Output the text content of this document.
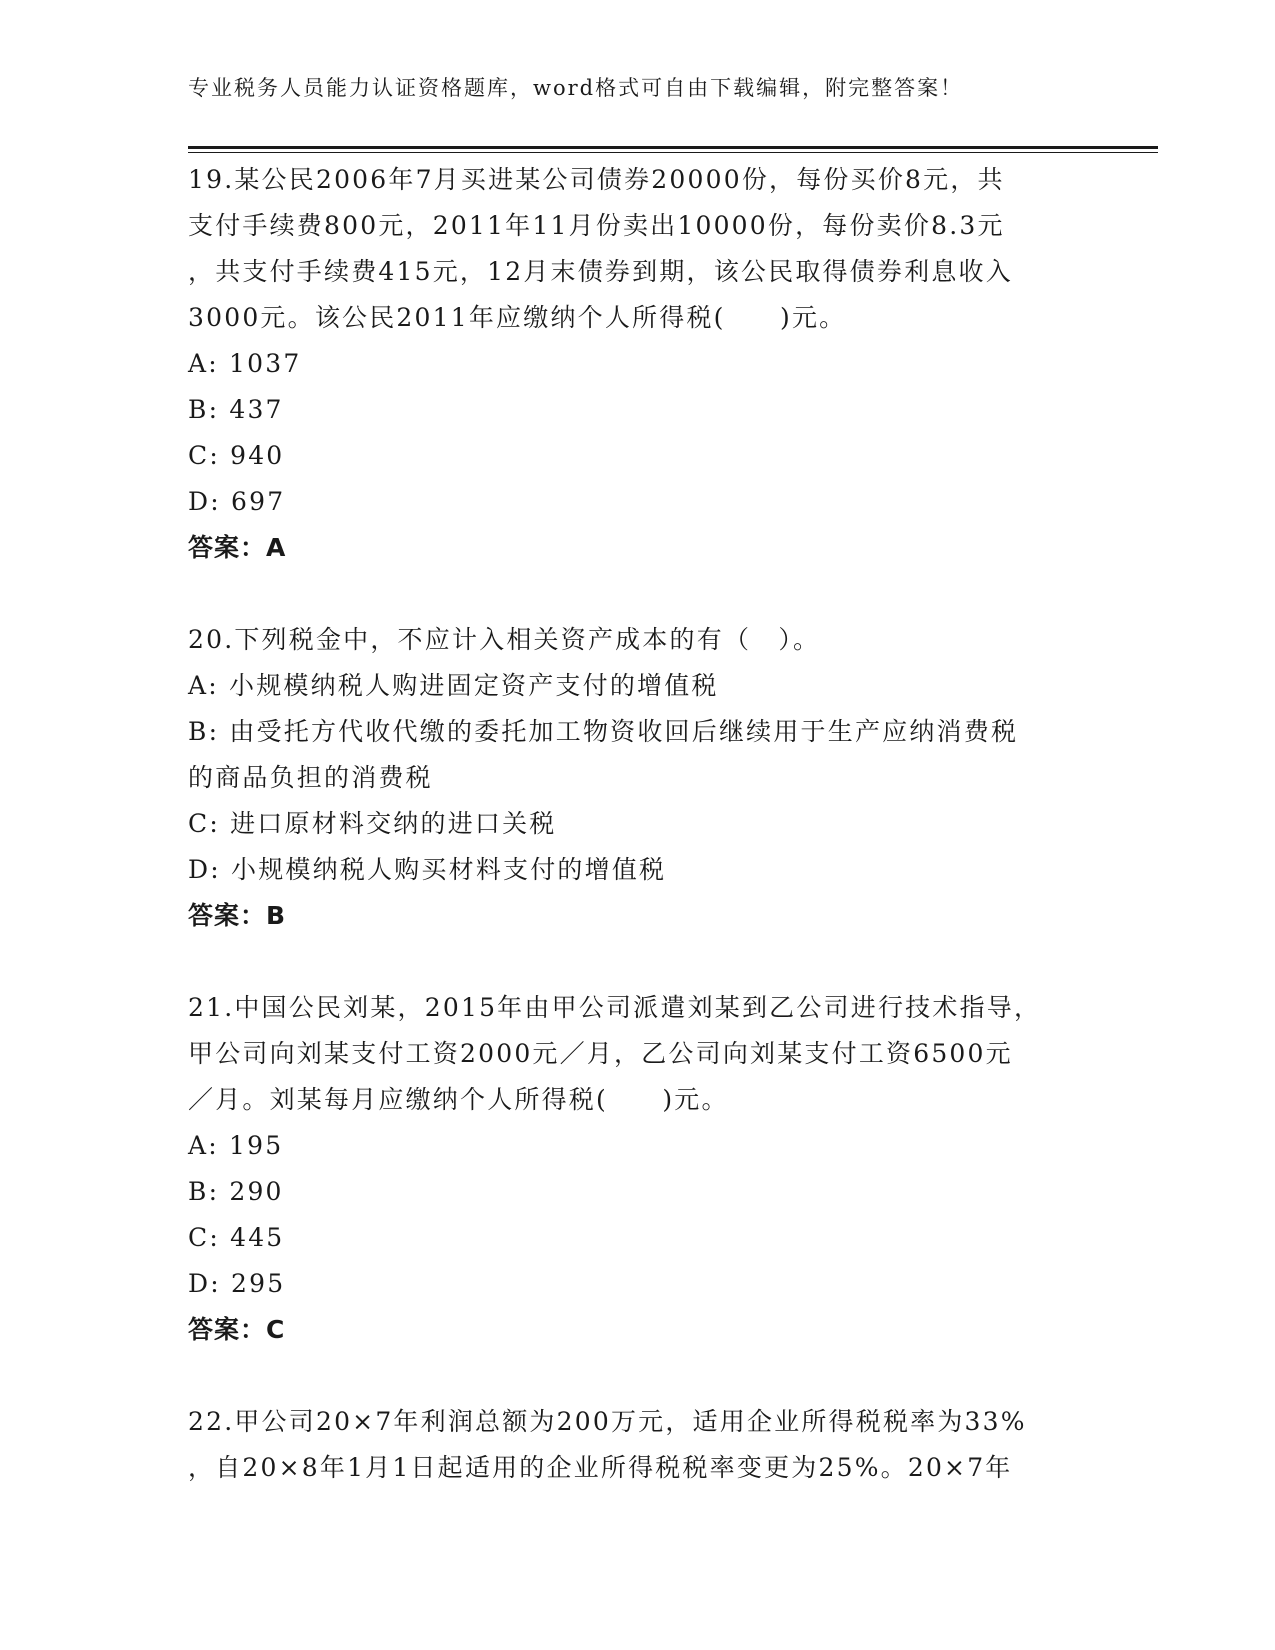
专业税务人员能力认证资格题库，word格式可自由下载编辑，附完整答案！
19.某公民2006年7月买进某公司债券20000份，每份买价8元，共
支付手续费800元，2011年11月份卖出10000份，每份卖价8.3元
，共支付手续费415元，12月末债券到期，该公民取得债券利息收入
3000元。该公民2011年应缴纳个人所得税(　　)元。
A: 1037
B: 437
C: 940
D: 697
答案：A
20.下列税金中，不应计入相关资产成本的有（　）。
A: 小规模纳税人购进固定资产支付的增值税
B: 由受托方代收代缴的委托加工物资收回后继续用于生产应纳消费税
的商品负担的消费税
C: 进口原材料交纳的进口关税
D: 小规模纳税人购买材料支付的增值税
答案：B
21.中国公民刘某，2015年由甲公司派遣刘某到乙公司进行技术指导，
甲公司向刘某支付工资2000元／月，乙公司向刘某支付工资6500元
／月。刘某每月应缴纳个人所得税(　　)元。
A: 195
B: 290
C: 445
D: 295
答案：C
22.甲公司20×7年利润总额为200万元，适用企业所得税税率为33%
，自20×8年1月1日起适用的企业所得税税率变更为25%。20×7年
